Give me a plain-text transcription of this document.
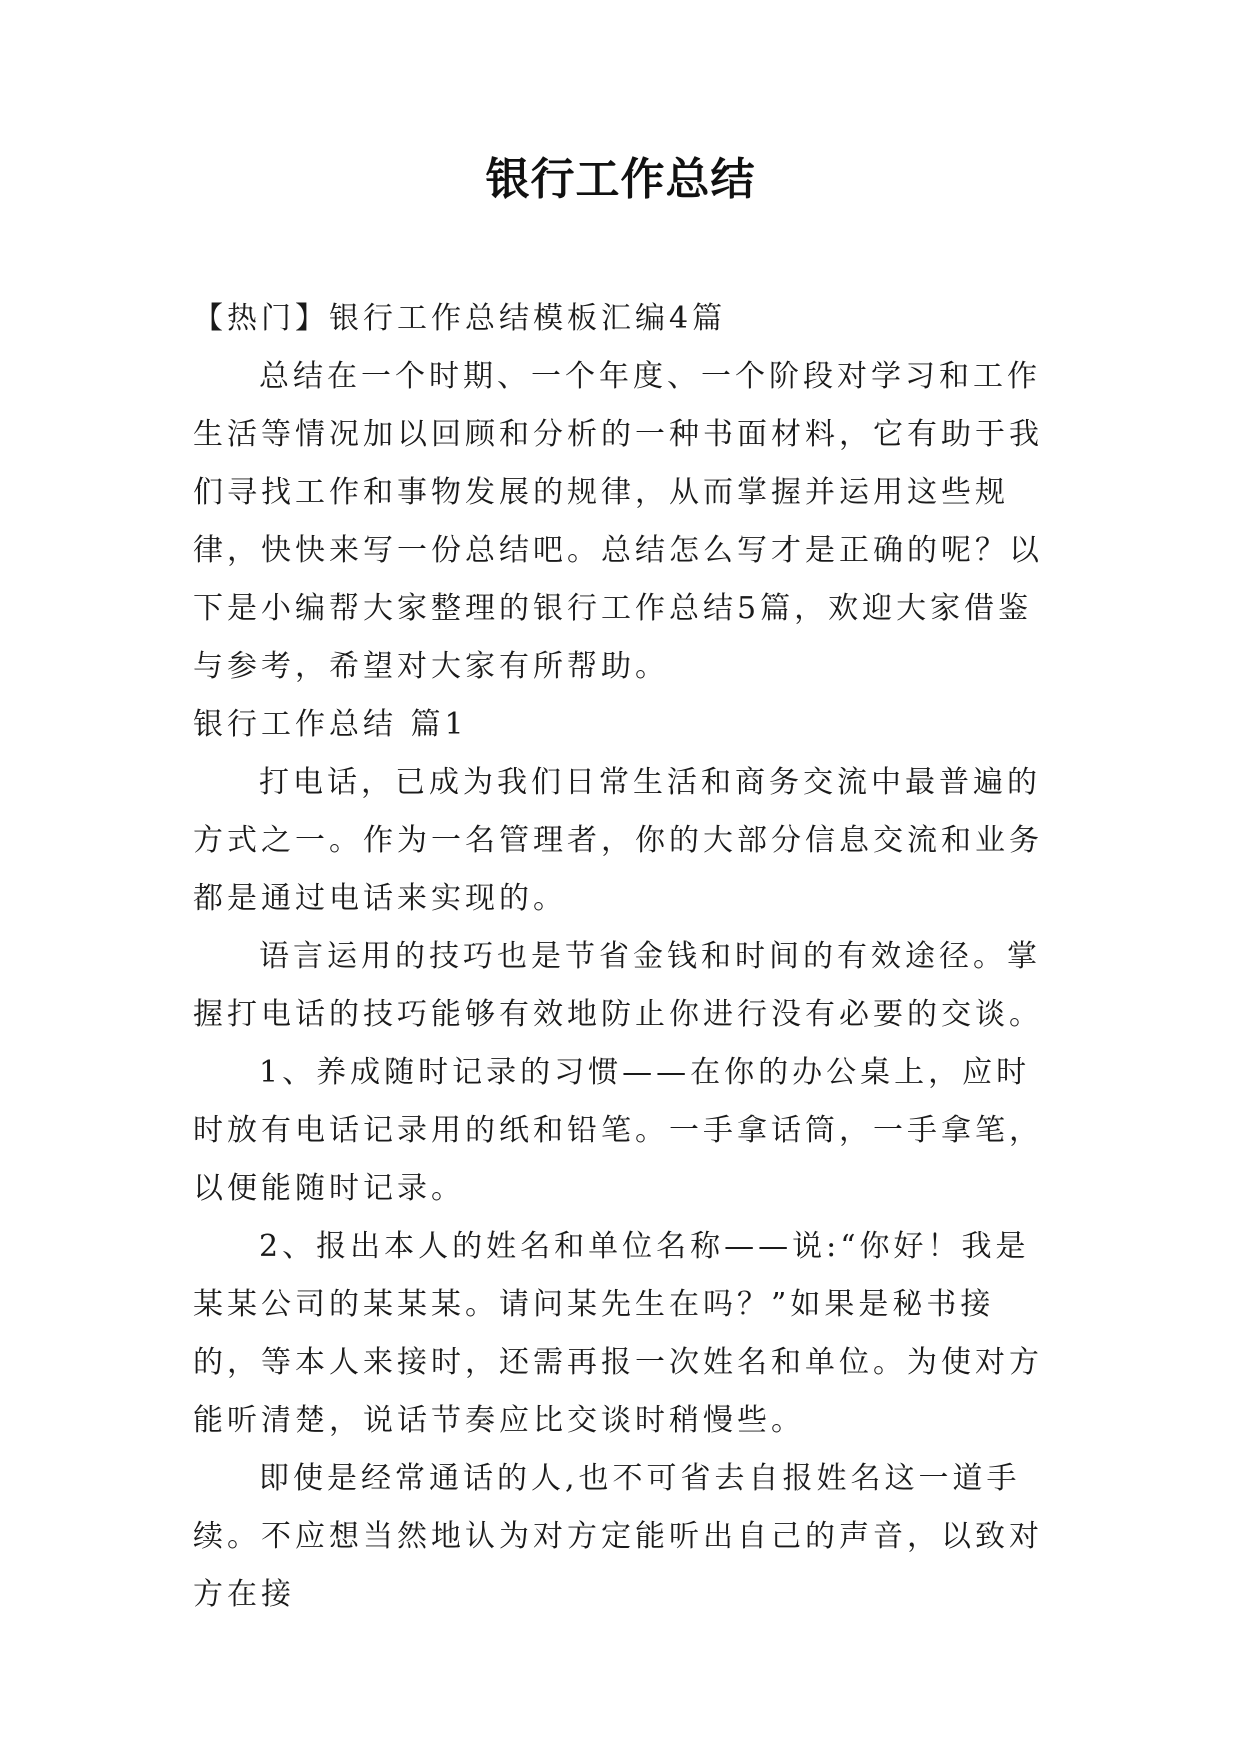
银行工作总结

【热门】银行工作总结模板汇编4篇

总结在一个时期、一个年度、一个阶段对学习和工作生活等情况加以回顾和分析的一种书面材料，它有助于我们寻找工作和事物发展的规律，从而掌握并运用这些规律，快快来写一份总结吧。总结怎么写才是正确的呢？以下是小编帮大家整理的银行工作总结5篇，欢迎大家借鉴与参考，希望对大家有所帮助。

银行工作总结 篇1

打电话，已成为我们日常生活和商务交流中最普遍的方式之一。作为一名管理者，你的大部分信息交流和业务都是通过电话来实现的。

语言运用的技巧也是节省金钱和时间的有效途径。掌握打电话的技巧能够有效地防止你进行没有必要的交谈。

1、养成随时记录的习惯——在你的办公桌上，应时时放有电话记录用的纸和铅笔。一手拿话筒，一手拿笔，以便能随时记录。

2、报出本人的姓名和单位名称——说:“你好！我是某某公司的某某某。请问某先生在吗？”如果是秘书接的，等本人来接时，还需再报一次姓名和单位。为使对方能听清楚，说话节奏应比交谈时稍慢些。

即使是经常通话的人,也不可省去自报姓名这一道手续。不应想当然地认为对方定能听出自己的声音，以致对方在接
